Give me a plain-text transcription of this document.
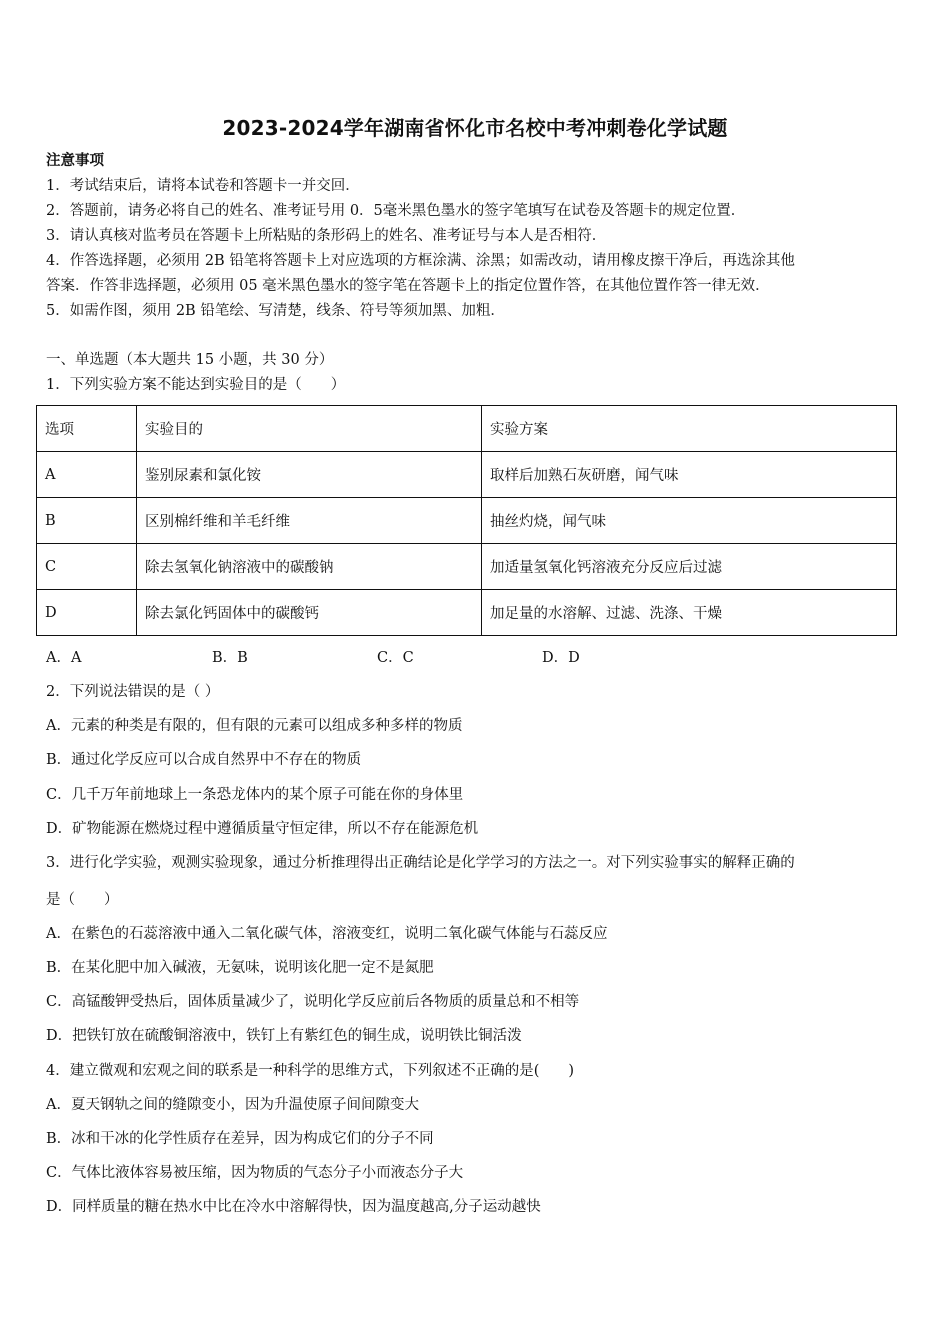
2023-2024学年湖南省怀化市名校中考冲刺卷化学试题
注意事项
1．考试结束后，请将本试卷和答题卡一并交回．
2．答题前，请务必将自己的姓名、准考证号用 0．5毫米黑色墨水的签字笔填写在试卷及答题卡的规定位置．
3．请认真核对监考员在答题卡上所粘贴的条形码上的姓名、准考证号与本人是否相符．
4．作答选择题，必须用 2B 铅笔将答题卡上对应选项的方框涂满、涂黑；如需改动，请用橡皮擦干净后，再选涂其他
答案．作答非选择题，必须用 05 毫米黑色墨水的签字笔在答题卡上的指定位置作答，在其他位置作答一律无效．
5．如需作图，须用 2B 铅笔绘、写清楚，线条、符号等须加黑、加粗．
一、单选题（本大题共 15 小题，共 30 分）
1．下列实验方案不能达到实验目的是（　　）
选项	实验目的	实验方案
A	鉴别尿素和氯化铵	取样后加熟石灰研磨，闻气味
B	区别棉纤维和羊毛纤维	抽丝灼烧，闻气味
C	除去氢氧化钠溶液中的碳酸钠	加适量氢氧化钙溶液充分反应后过滤
D	除去氯化钙固体中的碳酸钙	加足量的水溶解、过滤、洗涤、干燥
A．A	B．B	C．C	D．D
2．下列说法错误的是（ ）
A．元素的种类是有限的，但有限的元素可以组成多种多样的物质
B．通过化学反应可以合成自然界中不存在的物质
C．几千万年前地球上一条恐龙体内的某个原子可能在你的身体里
D．矿物能源在燃烧过程中遵循质量守恒定律，所以不存在能源危机
3．进行化学实验，观测实验现象，通过分析推理得出正确结论是化学学习的方法之一。对下列实验事实的解释正确的
是（　　）
A．在紫色的石蕊溶液中通入二氧化碳气体，溶液变红，说明二氧化碳气体能与石蕊反应
B．在某化肥中加入碱液，无氨味，说明该化肥一定不是氮肥
C．高锰酸钾受热后，固体质量减少了，说明化学反应前后各物质的质量总和不相等
D．把铁钉放在硫酸铜溶液中，铁钉上有紫红色的铜生成，说明铁比铜活泼
4．建立微观和宏观之间的联系是一种科学的思维方式，下列叙述不正确的是(　　)
A．夏天钢轨之间的缝隙变小，因为升温使原子间间隙变大
B．冰和干冰的化学性质存在差异，因为构成它们的分子不同
C．气体比液体容易被压缩，因为物质的气态分子小而液态分子大
D．同样质量的糖在热水中比在冷水中溶解得快，因为温度越高,分子运动越快
